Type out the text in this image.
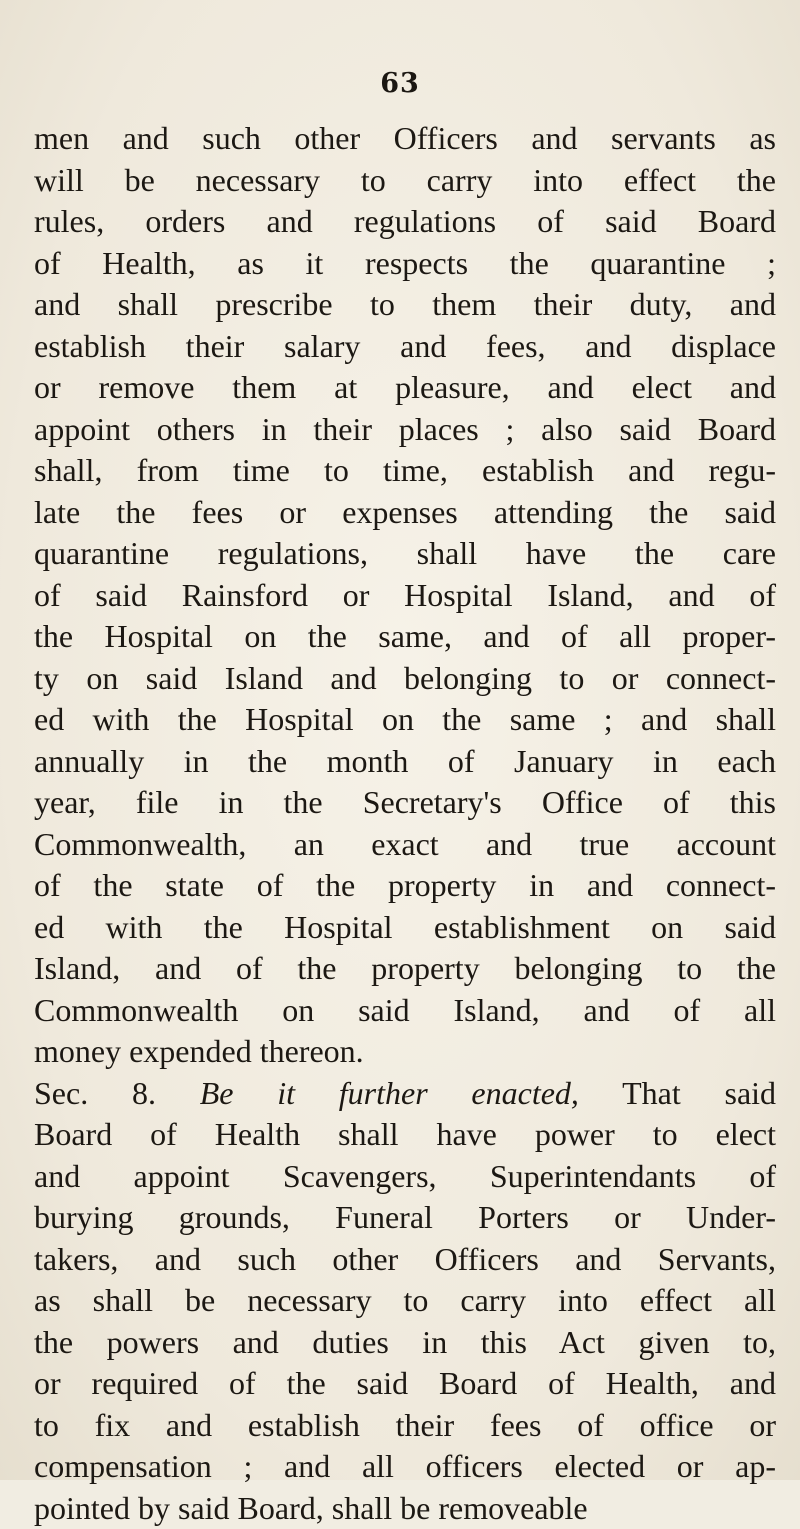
63
men and such other Officers and servants as
will be necessary to carry into effect the
rules, orders and regulations of said Board
of Health, as it respects the quarantine ;
and shall prescribe to them their duty, and
establish their salary and fees, and displace
or remove them at pleasure, and elect and
appoint others in their places ; also said Board
shall, from time to time, establish and regu-
late the fees or expenses attending the said
quarantine regulations, shall have the care
of said Rainsford or Hospital Island, and of
the Hospital on the same, and of all proper-
ty on said Island and belonging to or connect-
ed with the Hospital on the same ; and shall
annually in the month of January in each
year, file in the Secretary's Office of this
Commonwealth, an exact and true account
of the state of the property in and connect-
ed with the Hospital establishment on said
Island, and of the property belonging to the
Commonwealth on said Island, and of all
money expended thereon.
Sec. 8. Be it further enacted, That said
Board of Health shall have power to elect
and appoint Scavengers, Superintendants of
burying grounds, Funeral Porters or Under-
takers, and such other Officers and Servants,
as shall be necessary to carry into effect all
the powers and duties in this Act given to,
or required of the said Board of Health, and
to fix and establish their fees of office or
compensation ; and all officers elected or ap-
pointed by said Board, shall be removeable
